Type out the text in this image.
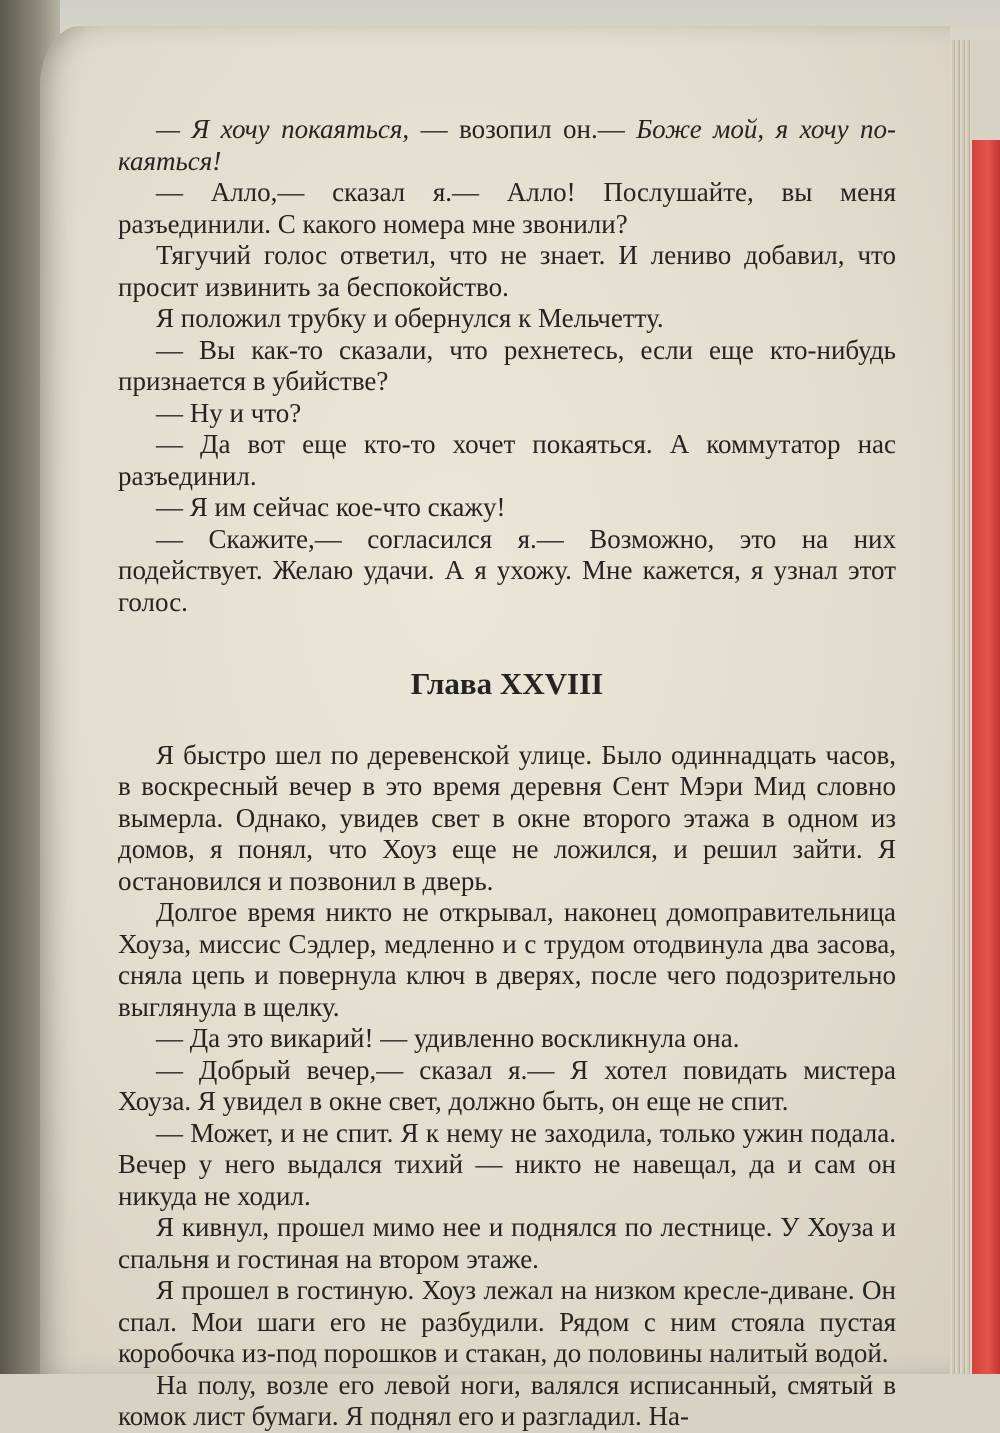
— Я хочу покаяться, — возопил он.— Боже мой, я хочу по-каяться!

— Алло,— сказал я.— Алло! Послушайте, вы меня разъединили. С какого номера мне звонили?

Тягучий голос ответил, что не знает. И лениво добавил, что просит извинить за беспокойство.

Я положил трубку и обернулся к Мельчетту.

— Вы как-то сказали, что рехнетесь, если еще кто-нибудь признается в убийстве?

— Ну и что?

— Да вот еще кто-то хочет покаяться. А коммутатор нас разъединил.

— Я им сейчас кое-что скажу!

— Скажите,— согласился я.— Возможно, это на них подействует. Желаю удачи. А я ухожу. Мне кажется, я узнал этот голос.

Глава XXVIII

Я быстро шел по деревенской улице. Было одиннадцать часов, в воскресный вечер в это время деревня Сент Мэри Мид словно вымерла. Однако, увидев свет в окне второго этажа в одном из домов, я понял, что Хоуз еще не ложился, и решил зайти. Я остановился и позвонил в дверь.

Долгое время никто не открывал, наконец домоправительница Хоуза, миссис Сэдлер, медленно и с трудом отодвинула два засова, сняла цепь и повернула ключ в дверях, после чего подозрительно выглянула в щелку.

— Да это викарий! — удивленно воскликнула она.

— Добрый вечер,— сказал я.— Я хотел повидать мистера Хоуза. Я увидел в окне свет, должно быть, он еще не спит.

— Может, и не спит. Я к нему не заходила, только ужин подала. Вечер у него выдался тихий — никто не навещал, да и сам он никуда не ходил.

Я кивнул, прошел мимо нее и поднялся по лестнице. У Хоуза и спальня и гостиная на втором этаже.

Я прошел в гостиную. Хоуз лежал на низком кресле-диване. Он спал. Мои шаги его не разбудили. Рядом с ним стояла пустая коробочка из-под порошков и стакан, до половины налитый водой.

На полу, возле его левой ноги, валялся исписанный, смятый в комок лист бумаги. Я поднял его и разгладил. На-
